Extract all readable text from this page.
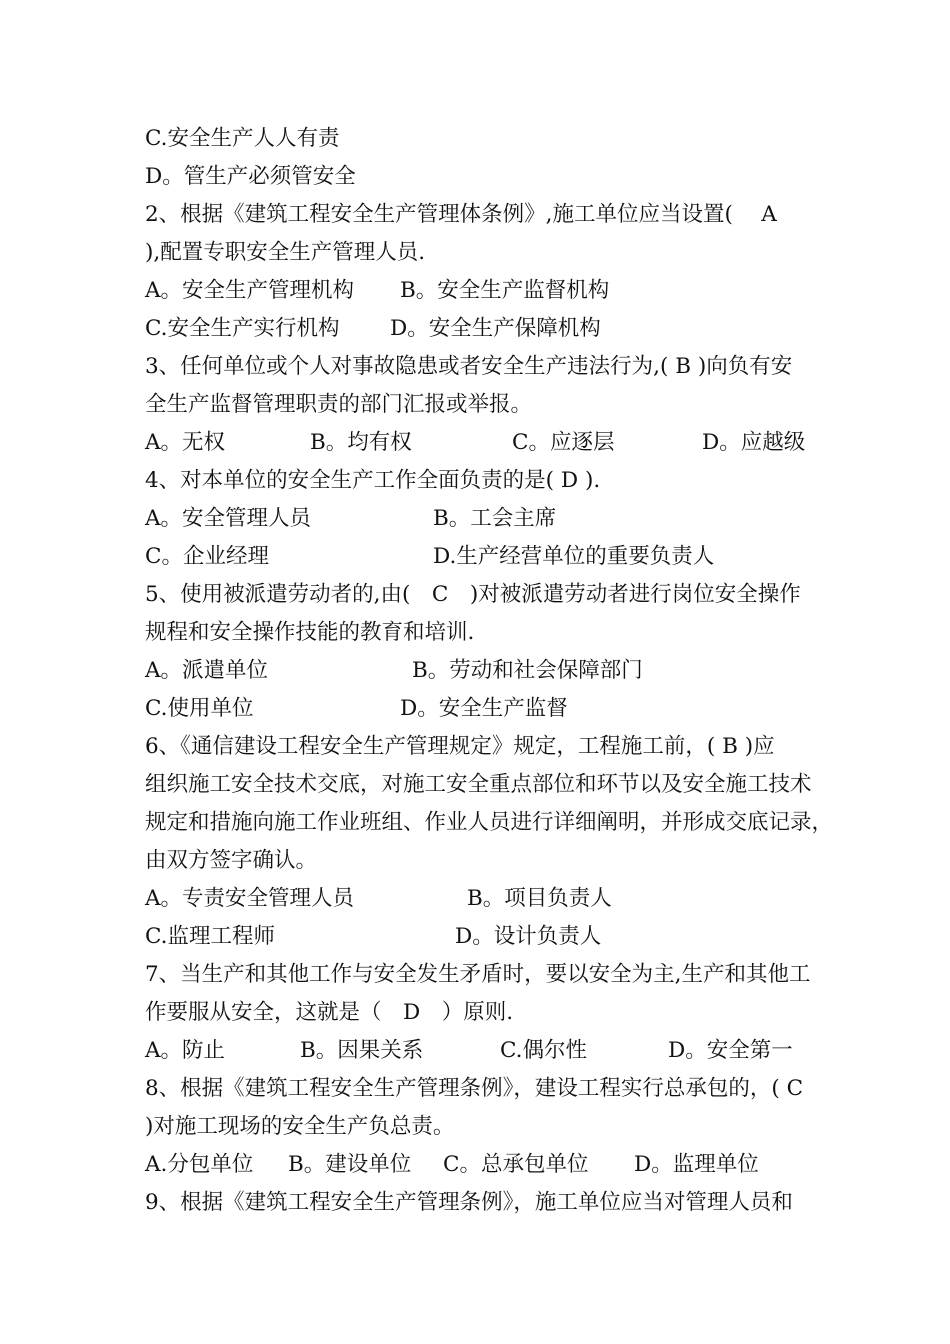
C.安全生产人人有责
D。管生产必须管安全
2、根据《建筑工程安全生产管理体条例》,施工单位应当设置(　 A
),配置专职安全生产管理人员.
A。安全生产管理机构 B。安全生产监督机构
C.安全生产实行机构 D。安全生产保障机构
3、任何单位或个人对事故隐患或者安全生产违法行为,( B )向负有安
全生产监督管理职责的部门汇报或举报。
A。无权	B。均有权	C。应逐层	D。应越级
4、对本单位的安全生产工作全面负责的是( D ).
A。安全管理人员	B。工会主席
C。企业经理	D.生产经营单位的重要负责人
5、使用被派遣劳动者的,由(　C　)对被派遣劳动者进行岗位安全操作
规程和安全操作技能的教育和培训.
A。派遣单位	B。劳动和社会保障部门
C.使用单位	D。安全生产监督
6、《通信建设工程安全生产管理规定》规定，工程施工前，( B )应
组织施工安全技术交底，对施工安全重点部位和环节以及安全施工技术
规定和措施向施工作业班组、作业人员进行详细阐明，并形成交底记录，
由双方签字确认。
A。专责安全管理人员	B。项目负责人
C.监理工程师	D。设计负责人
7、当生产和其他工作与安全发生矛盾时，要以安全为主,生产和其他工
作要服从安全，这就是（　D　）原则.
A。防止	B。因果关系	C.偶尔性	D。安全第一
8、根据《建筑工程安全生产管理条例》，建设工程实行总承包的，( C
)对施工现场的安全生产负总责。
A.分包单位 B。建设单位 C。总承包单位 D。监理单位
9、根据《建筑工程安全生产管理条例》，施工单位应当对管理人员和
